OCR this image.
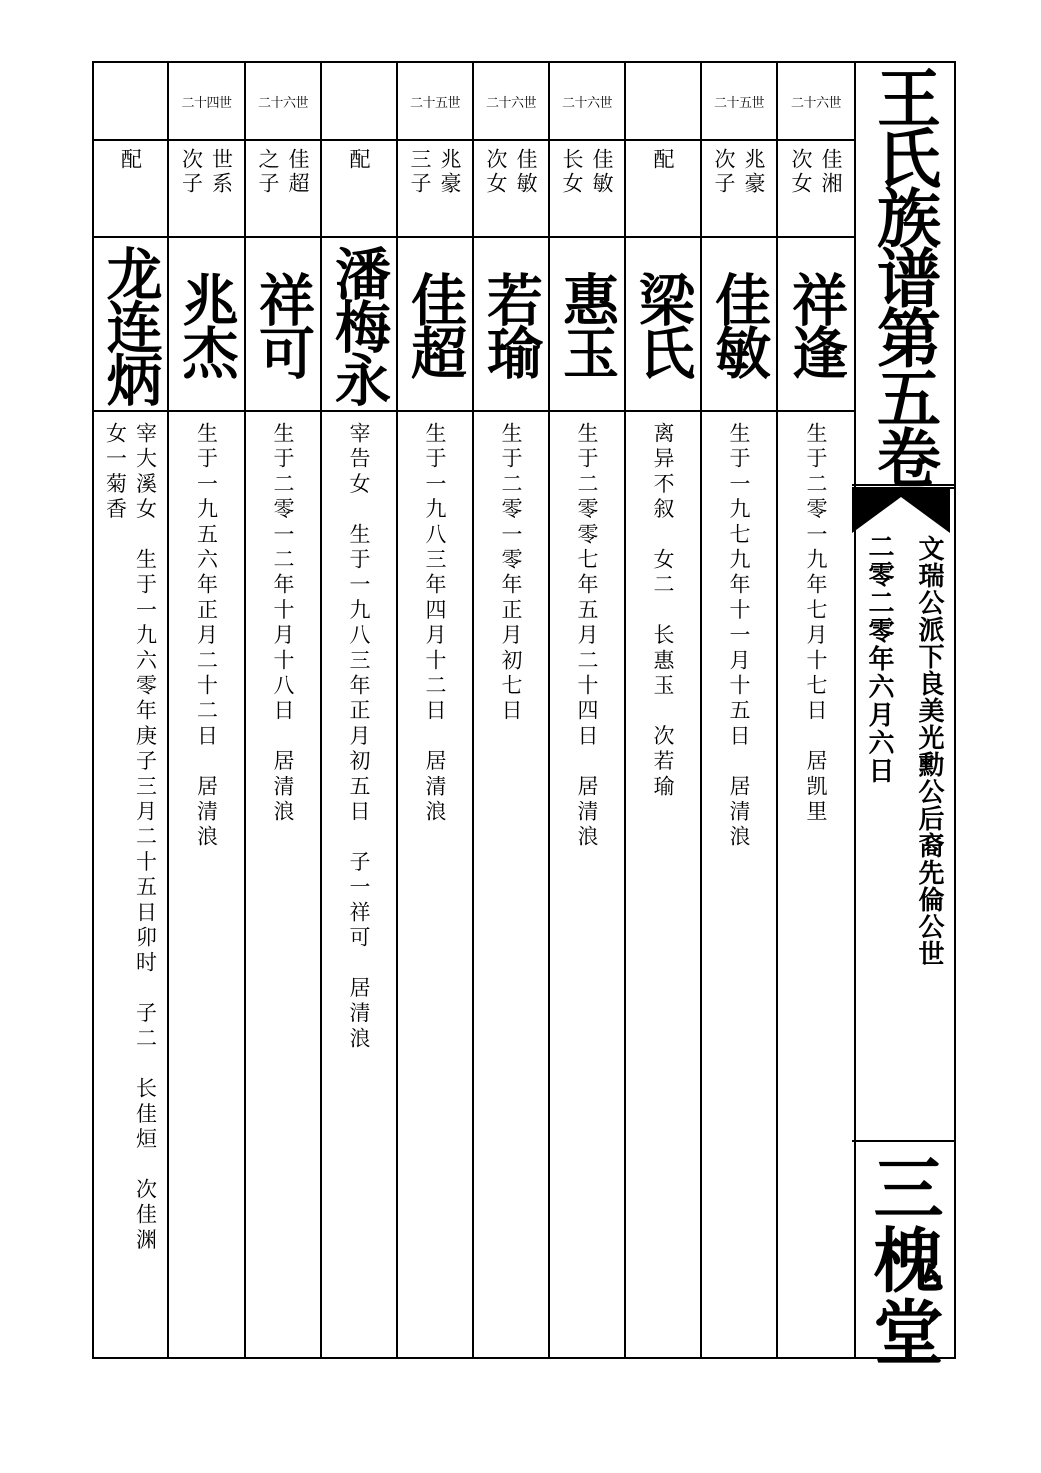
王氏族谱第五卷
文瑞公派下良美光勳公后裔先倫公世
二零二零年六月六日
三槐堂
二十六世
佳湘
次女
祥逢
生于二零一九年七月十七日　居凯里
二十五世
兆豪
次子
佳敏
生于一九七九年十一月十五日　居清浪
配
梁氏
离异不叙　女二　长惠玉　次若瑜
二十六世
佳敏
长女
惠玉
生于二零零七年五月二十四日　居清浪
二十六世
佳敏
次女
若瑜
生于二零一零年正月初七日
二十五世
兆豪
三子
佳超
生于一九八三年四月十二日　居清浪
配
潘梅永
宰告女　生于一九八三年正月初五日　子一祥可　居清浪
二十六世
佳超
之子
祥可
生于二零一二年十月十八日　居清浪
二十四世
世系
次子
兆杰
生于一九五六年正月二十二日　居清浪
配
龙连炳
宰大溪女　生于一九六零年庚子三月二十五日卯时　子二　长佳烜　次佳渊
女一菊香
